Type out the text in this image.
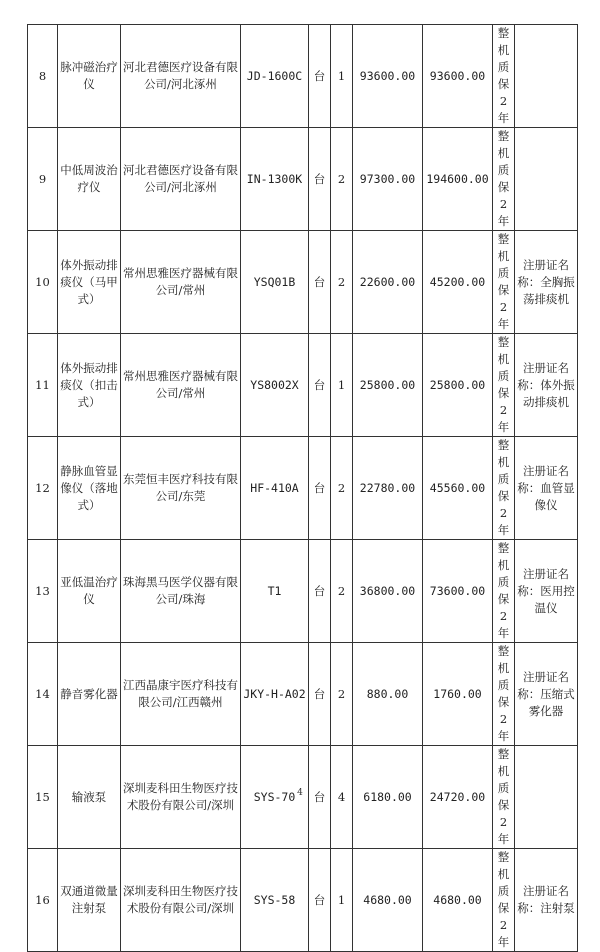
8	脉冲磁治疗仪	河北君德医疗设备有限公司/河北涿州	JD-1600C	台	1	93600.00	93600.00	整机质保2年	
9	中低周波治疗仪	河北君德医疗设备有限公司/河北涿州	IN-1300K	台	2	97300.00	194600.00	整机质保2年	
10	体外振动排痰仪（马甲式）	常州思雅医疗器械有限公司/常州	YSQ01B	台	2	22600.00	45200.00	整机质保2年	注册证名称：全胸振荡排痰机
11	体外振动排痰仪（扣击式）	常州思雅医疗器械有限公司/常州	YS8002X	台	1	25800.00	25800.00	整机质保2年	注册证名称：体外振动排痰机
12	静脉血管显像仪（落地式）	东莞恒丰医疗科技有限公司/东莞	HF-410A	台	2	22780.00	45560.00	整机质保2年	注册证名称：血管显像仪
13	亚低温治疗仪	珠海黑马医学仪器有限公司/珠海	T1	台	2	36800.00	73600.00	整机质保2年	注册证名称：医用控温仪
14	静音雾化器	江西晶康宇医疗科技有限公司/江西赣州	JKY-H-A02	台	2	880.00	1760.00	整机质保2年	注册证名称：压缩式雾化器
15	输液泵	深圳麦科田生物医疗技术股份有限公司/深圳	SYS-70	台	4	6180.00	24720.00	整机质保2年	
16	双通道微量注射泵	深圳麦科田生物医疗技术股份有限公司/深圳	SYS-58	台	1	4680.00	4680.00	整机质保2年	注册证名称：注射泵
4
